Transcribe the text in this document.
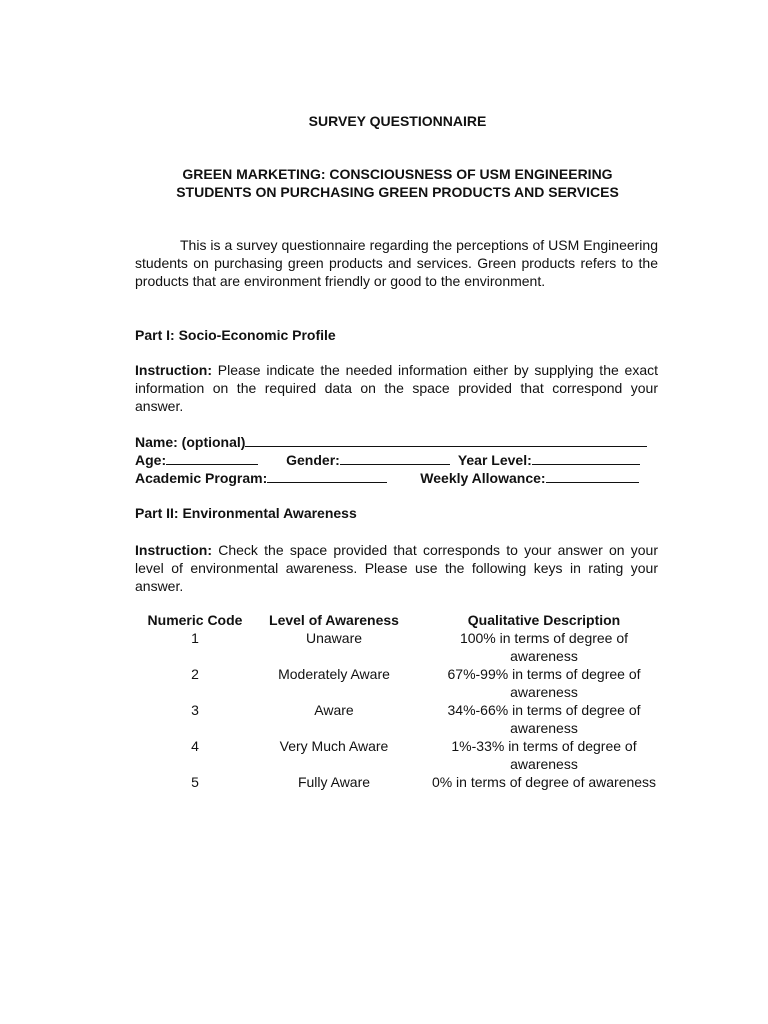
SURVEY QUESTIONNAIRE
GREEN MARKETING: CONSCIOUSNESS OF USM ENGINEERING
STUDENTS ON PURCHASING GREEN PRODUCTS AND SERVICES
This is a survey questionnaire regarding the perceptions of USM Engineering students on purchasing green products and services. Green products refers to the products that are environment friendly or good to the environment.
Part I: Socio-Economic Profile
Instruction: Please indicate the needed information either by supplying the exact information on the required data on the space provided that correspond your answer.
Name: (optional)
Age:	Gender:	Year Level:
Academic Program:	Weekly Allowance:
Part II: Environmental Awareness
Instruction: Check the space provided that corresponds to your answer on your level of environmental awareness. Please use the following keys in rating your answer.
Numeric Code	Level of Awareness	Qualitative Description
1	Unaware	100% in terms of degree of awareness
2	Moderately Aware	67%-99% in terms of degree of awareness
3	Aware	34%-66% in terms of degree of awareness
4	Very Much Aware	1%-33% in terms of degree of awareness
5	Fully Aware	0% in terms of degree of awareness
